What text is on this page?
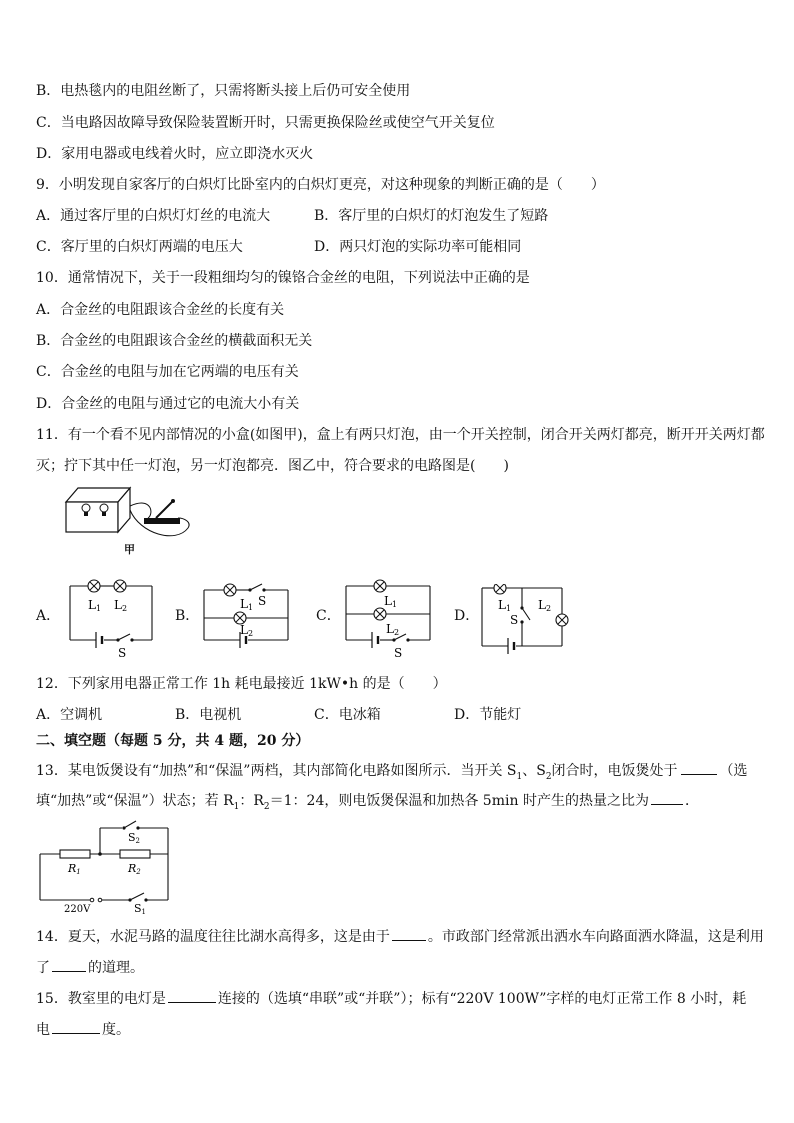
B．电热毯内的电阻丝断了，只需将断头接上后仍可安全使用
C．当电路因故障导致保险装置断开时，只需更换保险丝或使空气开关复位
D．家用电器或电线着火时，应立即浇水灭火
9．小明发现自家客厅的白炽灯比卧室内的白炽灯更亮，对这种现象的判断正确的是（　　）
A．通过客厅里的白炽灯灯丝的电流大	B．客厅里的白炽灯的灯泡发生了短路
C．客厅里的白炽灯两端的电压大	D．两只灯泡的实际功率可能相同
10．通常情况下，关于一段粗细均匀的镍铬合金丝的电阻，下列说法中正确的是
A．合金丝的电阻跟该合金丝的长度有关
B．合金丝的电阻跟该合金丝的横截面积无关
C．合金丝的电阻与加在它两端的电压有关
D．合金丝的电阻与通过它的电流大小有关
11．有一个看不见内部情况的小盒(如图甲)，盒上有两只灯泡，由一个开关控制，闭合开关两灯都亮，断开开关两灯都
灭；拧下其中任一灯泡，另一灯泡都亮．图乙中，符合要求的电路图是(　　)
甲
A．	B．	C．	D．
L1 L2
S
L1 S
L2
L1
L2
S
L1 L2
S
12．下列家用电器正常工作 1h 耗电最接近 1kW•h 的是（　　）
A．空调机	B．电视机	C．电冰箱	D．节能灯
二、填空题（每题 5 分，共 4 题，20 分）
13．某电饭煲设有“加热”和“保温”两档，其内部简化电路如图所示．当开关 $S_1$、$S_2$闭合时，电饭煲处于	（选
填“加热”或“保温”）状态；若 $R_1$：$R_2=1$：24，则电饭煲保温和加热各 5min 时产生的热量之比为	．
S2
R1	R2
220V	S1
14．夏天，水泥马路的温度往往比湖水高得多，这是由于	。市政部门经常派出洒水车向路面洒水降温，这是利用
了	的道理。
15．教室里的电灯是	连接的（选填“串联”或“并联”）；标有“220V 100W”字样的电灯正常工作 8 小时，耗
电	度。
